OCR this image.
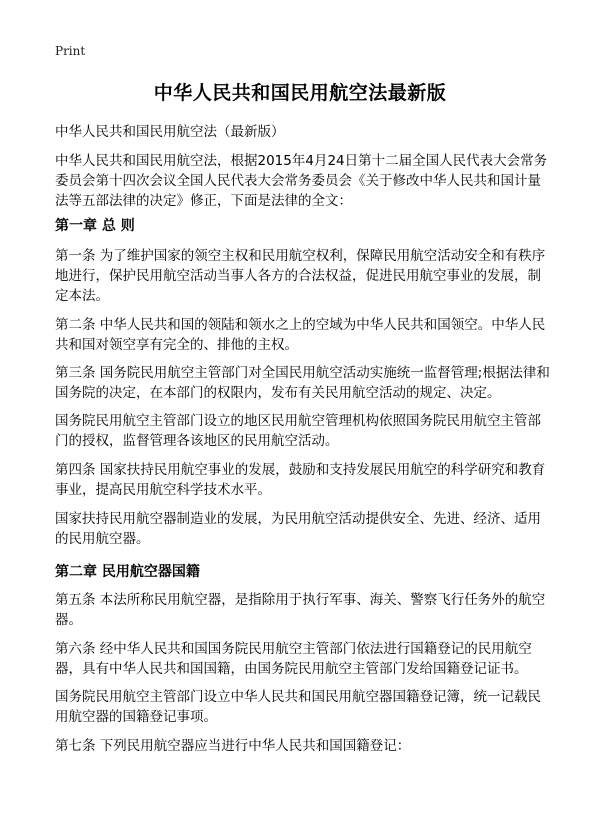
Print
中华人民共和国民用航空法最新版
中华人民共和国民用航空法（最新版）
中华人民共和国民用航空法，根据2015年4月24日第十二届全国人民代表大会常务委员会第十四次会议全国人民代表大会常务委员会《关于修改中华人民共和国计量法等五部法律的决定》修正，下面是法律的全文：
第一章 总 则
第一条 为了维护国家的领空主权和民用航空权利，保障民用航空活动安全和有秩序地进行，保护民用航空活动当事人各方的合法权益，促进民用航空事业的发展，制定本法。
第二条 中华人民共和国的领陆和领水之上的空域为中华人民共和国领空。中华人民共和国对领空享有完全的、排他的主权。
第三条 国务院民用航空主管部门对全国民用航空活动实施统一监督管理;根据法律和国务院的决定，在本部门的权限内，发布有关民用航空活动的规定、决定。
国务院民用航空主管部门设立的地区民用航空管理机构依照国务院民用航空主管部门的授权，监督管理各该地区的民用航空活动。
第四条 国家扶持民用航空事业的发展，鼓励和支持发展民用航空的科学研究和教育事业，提高民用航空科学技术水平。
国家扶持民用航空器制造业的发展，为民用航空活动提供安全、先进、经济、适用的民用航空器。
第二章 民用航空器国籍
第五条 本法所称民用航空器，是指除用于执行军事、海关、警察飞行任务外的航空器。
第六条 经中华人民共和国国务院民用航空主管部门依法进行国籍登记的民用航空器，具有中华人民共和国国籍，由国务院民用航空主管部门发给国籍登记证书。
国务院民用航空主管部门设立中华人民共和国民用航空器国籍登记簿，统一记载民用航空器的国籍登记事项。
第七条 下列民用航空器应当进行中华人民共和国国籍登记：
